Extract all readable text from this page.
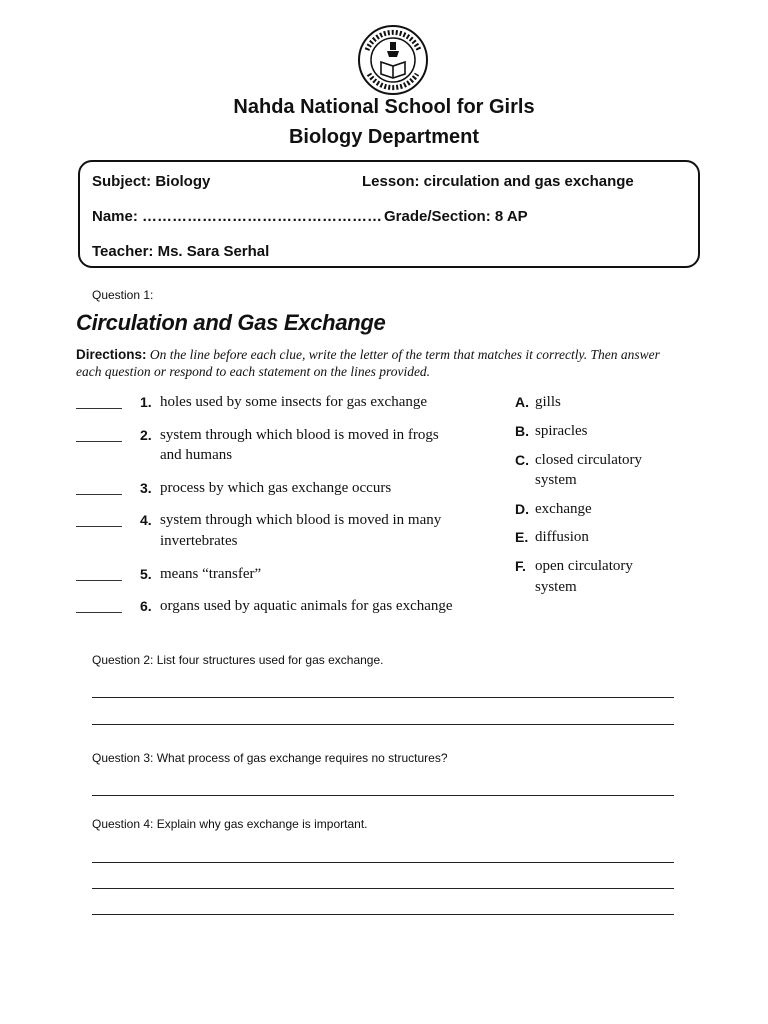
Nahda National School for Girls
Biology Department
Subject: Biology	Lesson: circulation and gas exchange
Name: ………………………………………… Grade/Section: 8 AP
Teacher: Ms. Sara Serhal
Question 1:
Circulation and Gas Exchange
Directions: On the line before each clue, write the letter of the term that matches it correctly. Then answer each question or respond to each statement on the lines provided.
1. holes used by some insects for gas exchange
2. system through which blood is moved in frogs
and humans
3. process by which gas exchange occurs
4. system through which blood is moved in many
invertebrates
5. means “transfer”
6. organs used by aquatic animals for gas exchange
A. gills
B. spiracles
C. closed circulatory
system
D. exchange
E. diffusion
F. open circulatory
system
Question 2: List four structures used for gas exchange.
Question 3: What process of gas exchange requires no structures?
Question 4: Explain why gas exchange is important.
